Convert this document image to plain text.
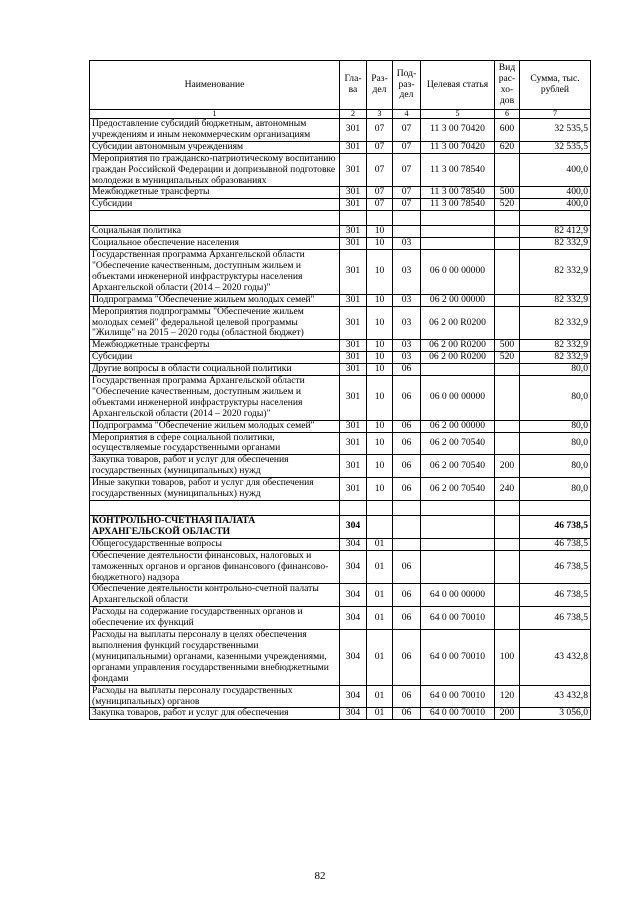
Наименование	Гла-ва	Раз-дел	Под-раз-дел	Целевая статья	Вид рас-хо-дов	Сумма, тыс. рублей
1	2	3	4	5	6	7
Предоставление субсидий бюджетным, автономным учреждениям и иным некоммерческим организациям	301	07	07	11 3 00 70420	600	32 535,5
Субсидии автономным учреждениям	301	07	07	11 3 00 70420	620	32 535,5
Мероприятия по гражданско-патриотическому воспитанию граждан Российской Федерации и допризывной подготовке молодежи в муниципальных образованиях	301	07	07	11 3 00 78540		400,0
Межбюджетные трансферты	301	07	07	11 3 00 78540	500	400,0
Субсидии	301	07	07	11 3 00 78540	520	400,0

Социальная политика	301	10				82 412,9
Социальное обеспечение населения	301	10	03			82 332,9
Государственная программа Архангельской области "Обеспечение качественным, доступным жильем и объектами инженерной инфраструктуры населения Архангельской области (2014 – 2020 годы)"	301	10	03	06 0 00 00000		82 332,9
Подпрограмма "Обеспечение жильем молодых семей"	301	10	03	06 2 00 00000		82 332,9
Мероприятия подпрограммы "Обеспечение жильем молодых семей" федеральной целевой программы "Жилище" на 2015 – 2020 годы (областной бюджет)	301	10	03	06 2 00 R0200		82 332,9
Межбюджетные трансферты	301	10	03	06 2 00 R0200	500	82 332,9
Субсидии	301	10	03	06 2 00 R0200	520	82 332,9
Другие вопросы в области социальной политики	301	10	06			80,0
Государственная программа Архангельской области "Обеспечение качественным, доступным жильем и объектами инженерной инфраструктуры населения Архангельской области (2014 – 2020 годы)"	301	10	06	06 0 00 00000		80,0
Подпрограмма "Обеспечение жильем молодых семей"	301	10	06	06 2 00 00000		80,0
Мероприятия в сфере социальной политики, осуществляемые государственными органами	301	10	06	06 2 00 70540		80,0
Закупка товаров, работ и услуг для обеспечения государственных (муниципальных) нужд	301	10	06	06 2 00 70540	200	80,0
Иные закупки товаров, работ и услуг для обеспечения государственных (муниципальных) нужд	301	10	06	06 2 00 70540	240	80,0

КОНТРОЛЬНО-СЧЕТНАЯ ПАЛАТА АРХАНГЕЛЬСКОЙ ОБЛАСТИ	304					46 738,5
Общегосударственные вопросы	304	01				46 738,5
Обеспечение деятельности финансовых, налоговых и таможенных органов и органов финансового (финансово-бюджетного) надзора	304	01	06			46 738,5
Обеспечение деятельности контрольно-счетной палаты Архангельской области	304	01	06	64 0 00 00000		46 738,5
Расходы на содержание государственных органов и обеспечение их функций	304	01	06	64 0 00 70010		46 738,5
Расходы на выплаты персоналу в целях обеспечения выполнения функций государственными (муниципальными) органами, казенными учреждениями, органами управления государственными внебюджетными фондами	304	01	06	64 0 00 70010	100	43 432,8
Расходы на выплаты персоналу государственных (муниципальных) органов	304	01	06	64 0 00 70010	120	43 432,8
Закупка товаров, работ и услуг для обеспечения	304	01	06	64 0 00 70010	200	3 056,0
82
